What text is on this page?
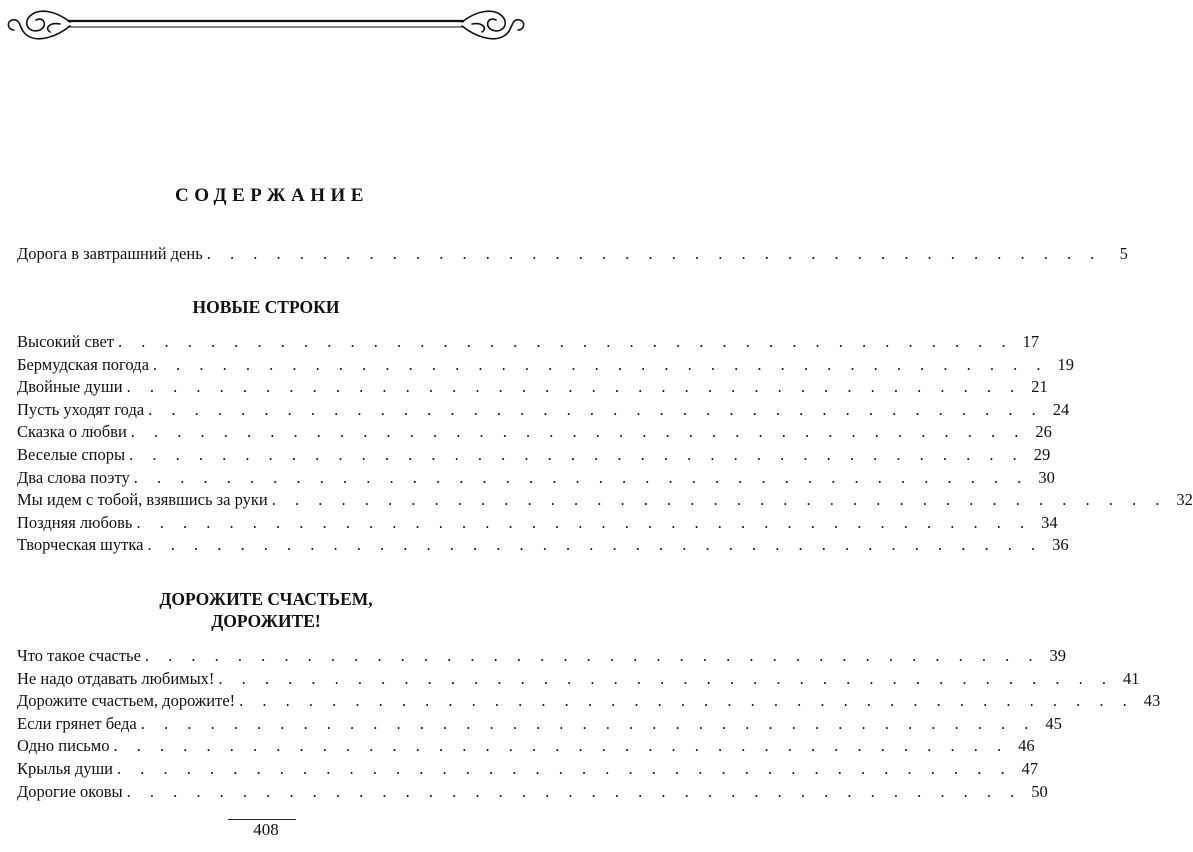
СОДЕРЖАНИЕ
Дорога в завтрашний день . . . . . . . . . . . . . . . . . . . . . . . . . . . . . . . . . . . . . . .	5
НОВЫЕ СТРОКИ
Высокий свет . . . . . . . . . . . . . . . . . . . . . . . . . . . . . . . . . . . . . . . 17
Бермудская погода . . . . . . . . . . . . . . . . . . . . . . . . . . . . . . . . . . . . . . . 19
Двойные души . . . . . . . . . . . . . . . . . . . . . . . . . . . . . . . . . . . . . . . 21
Пусть уходят года . . . . . . . . . . . . . . . . . . . . . . . . . . . . . . . . . . . . . . . 24
Сказка о любви . . . . . . . . . . . . . . . . . . . . . . . . . . . . . . . . . . . . . . . 26
Веселые споры . . . . . . . . . . . . . . . . . . . . . . . . . . . . . . . . . . . . . . . 29
Два слова поэту . . . . . . . . . . . . . . . . . . . . . . . . . . . . . . . . . . . . . . . 30
Мы идем с тобой, взявшись за руки . . . . . . . . . . . . . . . . . . . . . . . . . . . . . . . . . . . . . . . 32
Поздняя любовь . . . . . . . . . . . . . . . . . . . . . . . . . . . . . . . . . . . . . . . 34
Творческая шутка . . . . . . . . . . . . . . . . . . . . . . . . . . . . . . . . . . . . . . . 36
ДОРОЖИТЕ СЧАСТЬЕМ,
ДОРОЖИТЕ!
Что такое счастье . . . . . . . . . . . . . . . . . . . . . . . . . . . . . . . . . . . . . . . 39
Не надо отдавать любимых! . . . . . . . . . . . . . . . . . . . . . . . . . . . . . . . . . . . . . . . 41
Дорожите счастьем, дорожите! . . . . . . . . . . . . . . . . . . . . . . . . . . . . . . . . . . . . . . . 43
Если грянет беда . . . . . . . . . . . . . . . . . . . . . . . . . . . . . . . . . . . . . . . 45
Одно письмо . . . . . . . . . . . . . . . . . . . . . . . . . . . . . . . . . . . . . . . 46
Крылья души . . . . . . . . . . . . . . . . . . . . . . . . . . . . . . . . . . . . . . . 47
Дорогие оковы . . . . . . . . . . . . . . . . . . . . . . . . . . . . . . . . . . . . . . . 50
408
